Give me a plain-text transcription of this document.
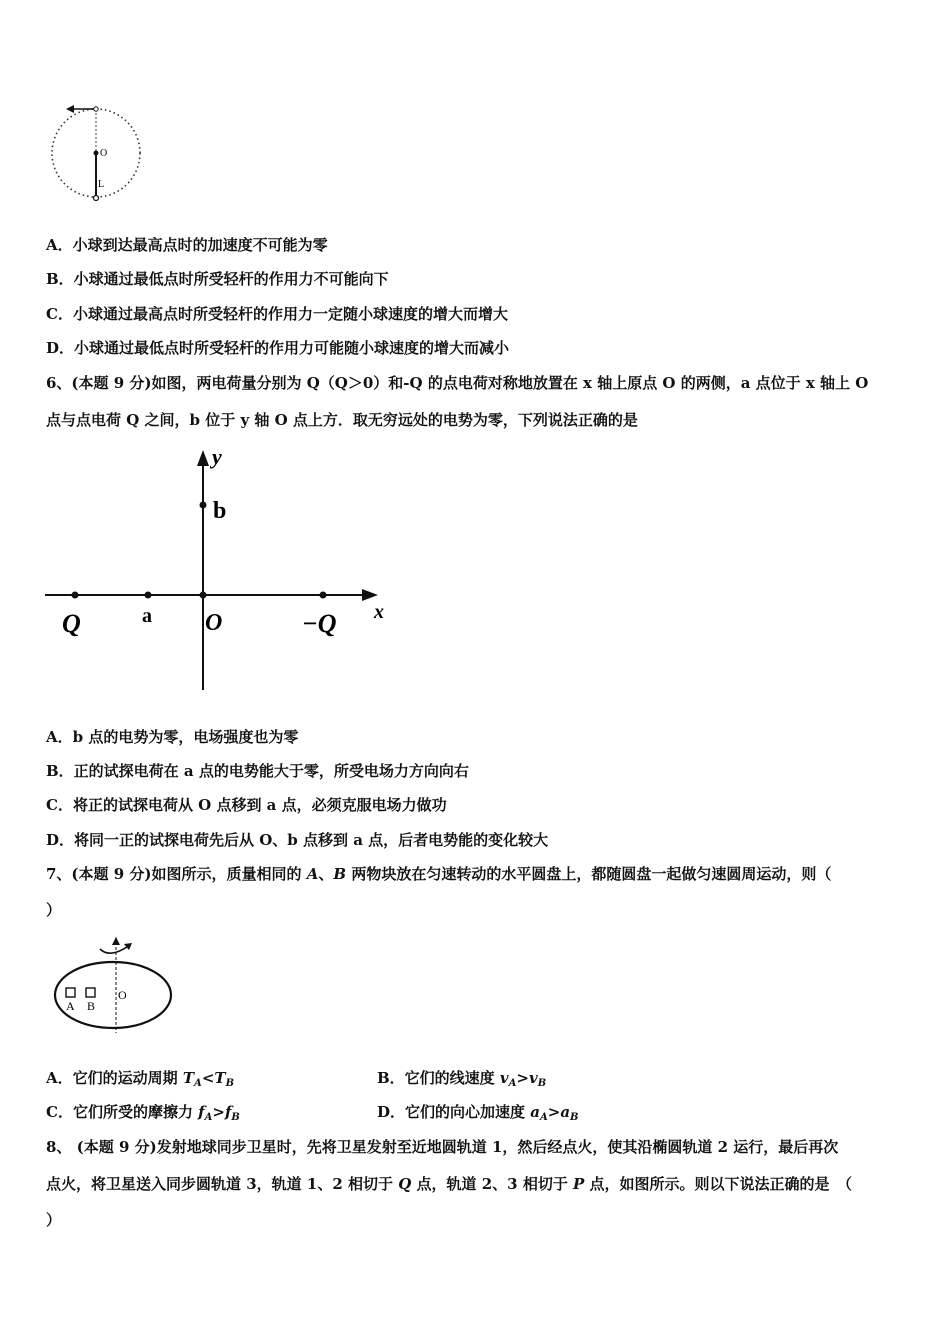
O
L
A．小球到达最高点时的加速度不可能为零
B．小球通过最低点时所受轻杆的作用力不可能向下
C．小球通过最高点时所受轻杆的作用力一定随小球速度的增大而增大
D．小球通过最低点时所受轻杆的作用力可能随小球速度的增大而减小
6、(本题 9 分)如图，两电荷量分别为 Q（Q＞0）和-Q 的点电荷对称地放置在 x 轴上原点 O 的两侧，a 点位于 x 轴上 O
点与点电荷 Q 之间，b 位于 y 轴 O 点上方．取无穷远处的电势为零，下列说法正确的是
y
b
x
Q	a O	−Q
A．b 点的电势为零，电场强度也为零
B．正的试探电荷在 a 点的电势能大于零，所受电场力方向向右
C．将正的试探电荷从 O 点移到 a 点，必须克服电场力做功
D．将同一正的试探电荷先后从 O、b 点移到 a 点，后者电势能的变化较大
7、(本题 9 分)如图所示，质量相同的 A、B 两物块放在匀速转动的水平圆盘上，都随圆盘一起做匀速圆周运动，则（
）
A B
O
A．它们的运动周期 $T_A<T_B$	B．它们的线速度 $v_A>v_B$
C．它们所受的摩擦力 $f_A>f_B$	D．它们的向心加速度 $a_A>a_B$
8、 (本题 9 分)发射地球同步卫星时，先将卫星发射至近地圆轨道 1，然后经点火，使其沿椭圆轨道 2 运行，最后再次
点火，将卫星送入同步圆轨道 3，轨道 1、2 相切于 Q 点，轨道 2、3 相切于 P 点，如图所示。则以下说法正确的是　（
）
